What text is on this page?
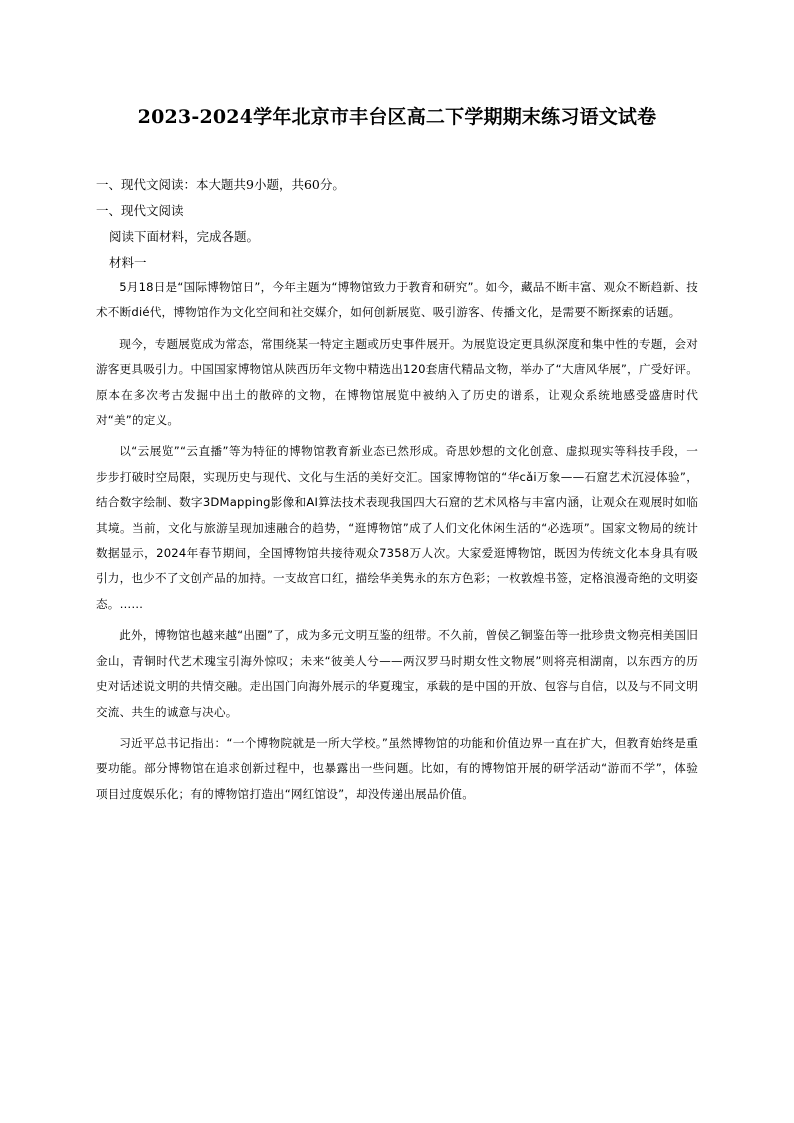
2023-2024学年北京市丰台区高二下学期期末练习语文试卷

一、现代文阅读：本大题共9小题，共60分。

一、现代文阅读

阅读下面材料，完成各题。

材料一

5月18日是“国际博物馆日”，今年主题为“博物馆致力于教育和研究”。如今，藏品不断丰富、观众不断趋新、技术不断dié代，博物馆作为文化空间和社交媒介，如何创新展览、吸引游客、传播文化，是需要不断探索的话题。

现今，专题展览成为常态，常围绕某一特定主题或历史事件展开。为展览设定更具纵深度和集中性的专题，会对游客更具吸引力。中国国家博物馆从陕西历年文物中精选出120套唐代精品文物，举办了“大唐风华展”，广受好评。原本在多次考古发掘中出土的散碎的文物，在博物馆展览中被纳入了历史的谱系，让观众系统地感受盛唐时代对“美”的定义。

以“云展览”“云直播”等为特征的博物馆教育新业态已然形成。奇思妙想的文化创意、虚拟现实等科技手段，一步步打破时空局限，实现历史与现代、文化与生活的美好交汇。国家博物馆的“华cǎi万象——石窟艺术沉浸体验”，结合数字绘制、数字3DMapping影像和AI算法技术表现我国四大石窟的艺术风格与丰富内涵，让观众在观展时如临其境。当前，文化与旅游呈现加速融合的趋势，“逛博物馆”成了人们文化休闲生活的“必选项”。国家文物局的统计数据显示，2024年春节期间，全国博物馆共接待观众7358万人次。大家爱逛博物馆，既因为传统文化本身具有吸引力，也少不了文创产品的加持。一支故宫口红，描绘华美隽永的东方色彩；一枚敦煌书签，定格浪漫奇绝的文明姿态。……

此外，博物馆也越来越“出圈”了，成为多元文明互鉴的纽带。不久前，曾侯乙铜鉴缶等一批珍贵文物亮相美国旧金山，青铜时代艺术瑰宝引海外惊叹；未来“彼美人兮——两汉罗马时期女性文物展”则将亮相湖南，以东西方的历史对话述说文明的共情交融。走出国门向海外展示的华夏瑰宝，承载的是中国的开放、包容与自信，以及与不同文明交流、共生的诚意与决心。

习近平总书记指出：“一个博物院就是一所大学校。”虽然博物馆的功能和价值边界一直在扩大，但教育始终是重要功能。部分博物馆在追求创新过程中，也暴露出一些问题。比如，有的博物馆开展的研学活动“游而不学”，体验项目过度娱乐化；有的博物馆打造出“网红馆设”，却没传递出展品价值。
